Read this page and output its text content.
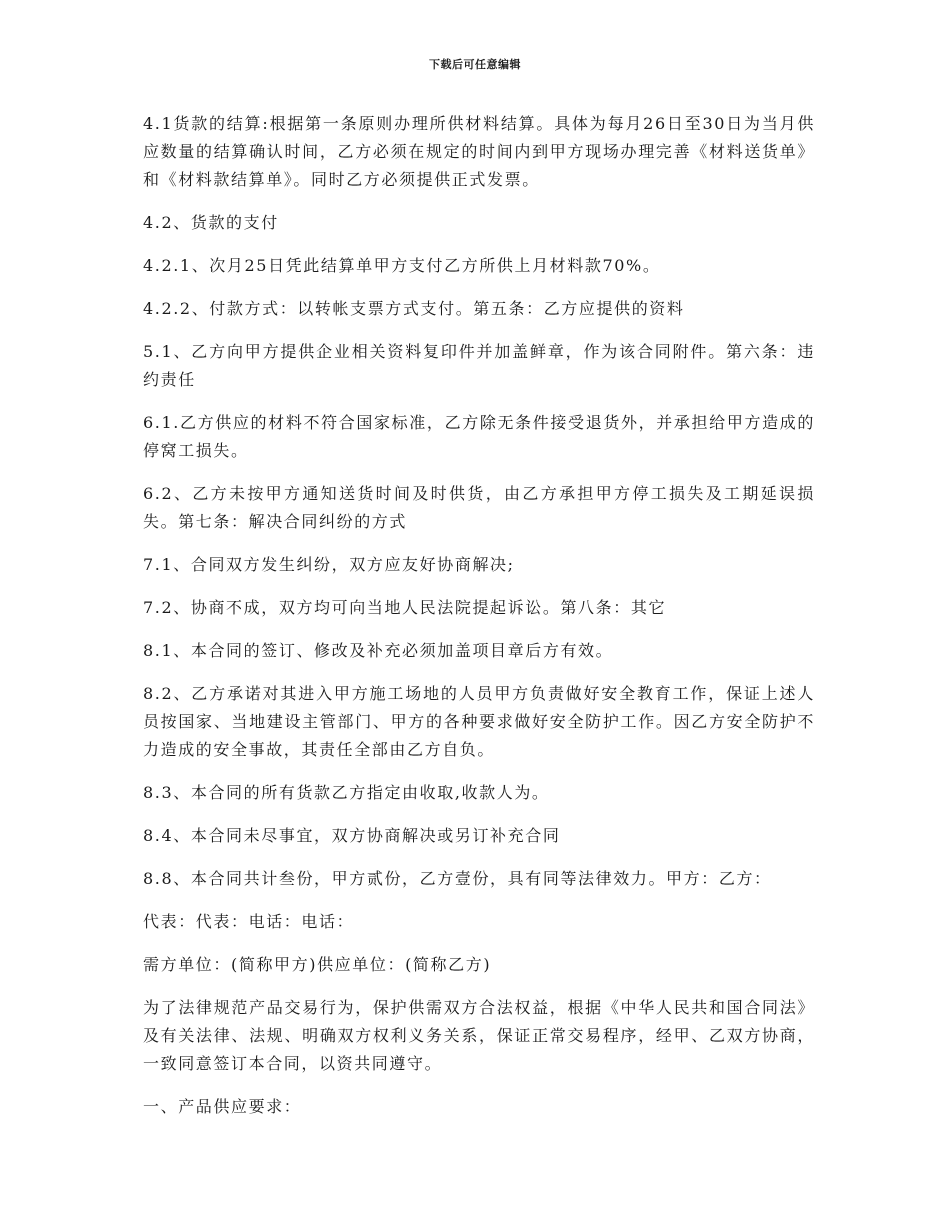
下载后可任意编辑

4.1货款的结算:根据第一条原则办理所供材料结算。具体为每月26日至30日为当月供应数量的结算确认时间，乙方必须在规定的时间内到甲方现场办理完善《材料送货单》和《材料款结算单》。同时乙方必须提供正式发票。

4.2、货款的支付

4.2.1、次月25日凭此结算单甲方支付乙方所供上月材料款70%。

4.2.2、付款方式：以转帐支票方式支付。第五条：乙方应提供的资料

5.1、乙方向甲方提供企业相关资料复印件并加盖鲜章，作为该合同附件。第六条：违约责任

6.1.乙方供应的材料不符合国家标准，乙方除无条件接受退货外，并承担给甲方造成的停窝工损失。

6.2、乙方未按甲方通知送货时间及时供货，由乙方承担甲方停工损失及工期延误损失。第七条：解决合同纠纷的方式

7.1、合同双方发生纠纷，双方应友好协商解决;

7.2、协商不成，双方均可向当地人民法院提起诉讼。第八条：其它

8.1、本合同的签订、修改及补充必须加盖项目章后方有效。

8.2、乙方承诺对其进入甲方施工场地的人员甲方负责做好安全教育工作，保证上述人员按国家、当地建设主管部门、甲方的各种要求做好安全防护工作。因乙方安全防护不力造成的安全事故，其责任全部由乙方自负。

8.3、本合同的所有货款乙方指定由收取,收款人为。

8.4、本合同未尽事宜，双方协商解决或另订补充合同

8.8、本合同共计叁份，甲方贰份，乙方壹份，具有同等法律效力。甲方：乙方：

代表：代表：电话：电话：

需方单位：(简称甲方)供应单位：(简称乙方)

为了法律规范产品交易行为，保护供需双方合法权益，根据《中华人民共和国合同法》及有关法律、法规、明确双方权利义务关系，保证正常交易程序，经甲、乙双方协商，一致同意签订本合同，以资共同遵守。

一、产品供应要求：
